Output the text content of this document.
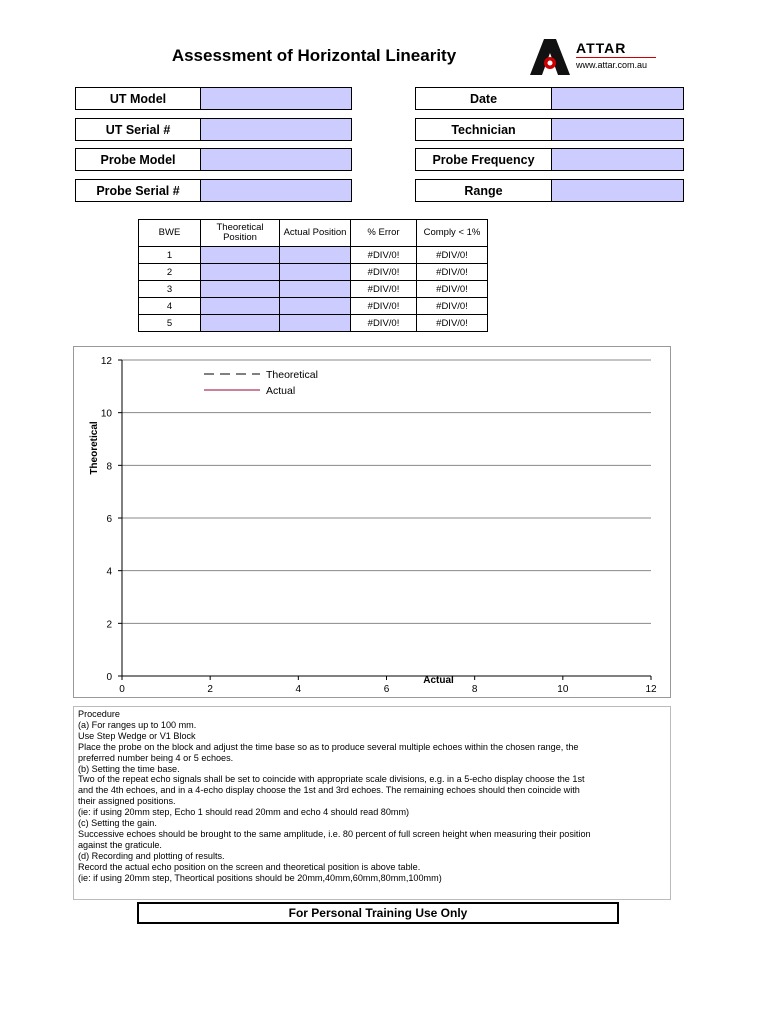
Assessment of Horizontal Linearity	ATTAR
www.attar.com.au
UT Model
UT Serial #
Probe Model
Probe Serial #
Date
Technician
Probe Frequency
Range
BWE	Theoretical Position	Actual Position	% Error	Comply < 1%
1			#DIV/0!	#DIV/0!
2			#DIV/0!	#DIV/0!
3			#DIV/0!	#DIV/0!
4			#DIV/0!	#DIV/0!
5			#DIV/0!	#DIV/0!
0
2
4
6
8
10
12
0	2	4	6	8	10	12
Actual
Theoretical
Theoretical
Actual
Procedure
(a) For ranges up to 100 mm.
Use Step Wedge or V1 Block
Place the probe on the block and adjust the time base so as to produce several multiple echoes within the chosen range, the
preferred number being 4 or 5 echoes.
(b) Setting the time base.
Two of the repeat echo signals shall be set to coincide with appropriate scale divisions, e.g. in a 5-echo display choose the 1st
and the 4th echoes, and in a 4-echo display choose the 1st and 3rd echoes. The remaining echoes should then coincide with
their assigned positions.
(ie: if using 20mm step, Echo 1 should read 20mm and echo 4 should read 80mm)
(c) Setting the gain.
Successive echoes should be brought to the same amplitude, i.e. 80 percent of full screen height when measuring their position
against the graticule.
(d) Recording and plotting of results.
Record the actual echo position on the screen and theoretical position is above table.
(ie: if using 20mm step, Theortical positions should be 20mm,40mm,60mm,80mm,100mm)
For Personal Training Use Only
